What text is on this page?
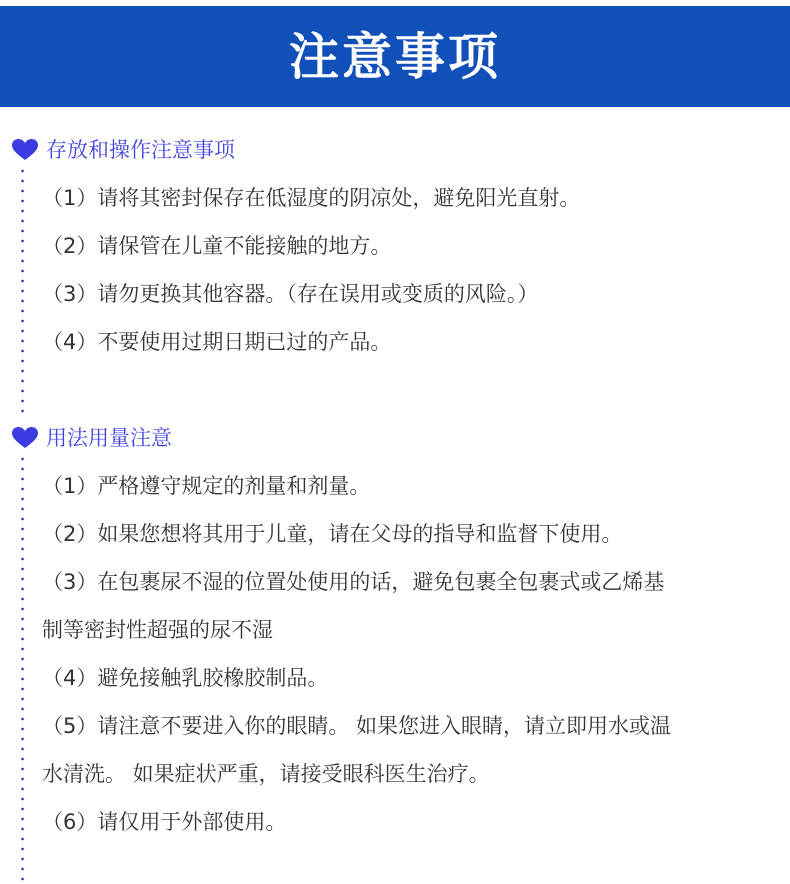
注意事项
存放和操作注意事项
（1）请将其密封保存在低湿度的阴凉处，避免阳光直射。
（2）请保管在儿童不能接触的地方。
（3）请勿更换其他容器。（存在误用或变质的风险。）
（4）不要使用过期日期已过的产品。
用法用量注意
（1）严格遵守规定的剂量和剂量。
（2）如果您想将其用于儿童，请在父母的指导和监督下使用。
（3）在包裹尿不湿的位置处使用的话，避免包裹全包裹式或乙烯基
制等密封性超强的尿不湿
（4）避免接触乳胶橡胶制品。
（5）请注意不要进入你的眼睛。 如果您进入眼睛，请立即用水或温
水清洗。 如果症状严重，请接受眼科医生治疗。
（6）请仅用于外部使用。
